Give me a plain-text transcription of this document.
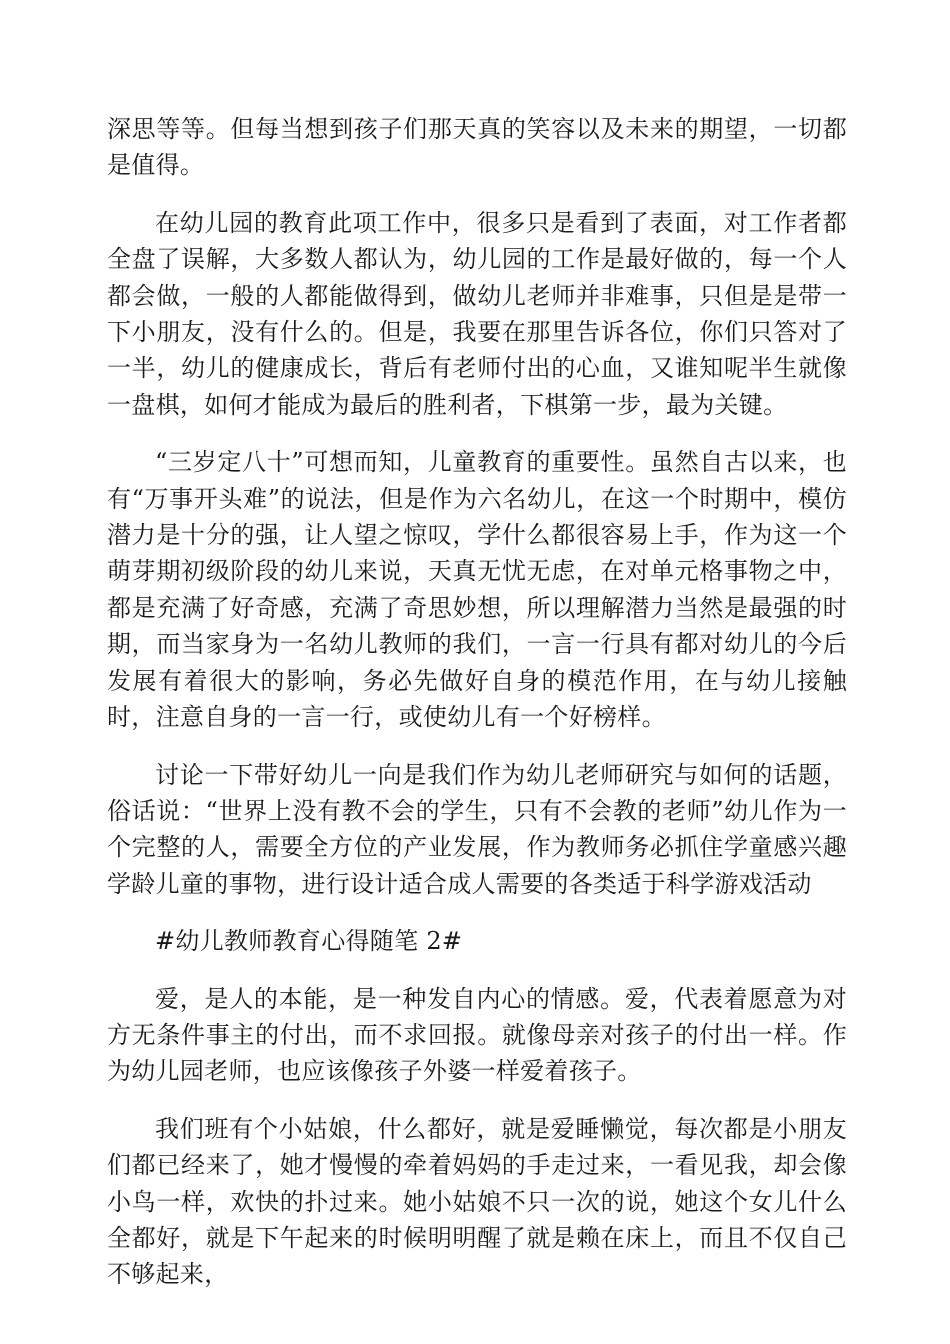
深思等等。但每当想到孩子们那天真的笑容以及未来的期望，一切都是值得。

在幼儿园的教育此项工作中，很多只是看到了表面，对工作者都全盘了误解，大多数人都认为，幼儿园的工作是最好做的，每一个人都会做，一般的人都能做得到，做幼儿老师并非难事，只但是是带一下小朋友，没有什么的。但是，我要在那里告诉各位，你们只答对了一半，幼儿的健康成长，背后有老师付出的心血，又谁知呢半生就像一盘棋，如何才能成为最后的胜利者，下棋第一步，最为关键。

“三岁定八十”可想而知，儿童教育的重要性。虽然自古以来，也有“万事开头难”的说法，但是作为六名幼儿，在这一个时期中，模仿潜力是十分的强，让人望之惊叹，学什么都很容易上手，作为这一个萌芽期初级阶段的幼儿来说，天真无忧无虑，在对单元格事物之中，都是充满了好奇感，充满了奇思妙想，所以理解潜力当然是最强的时期，而当家身为一名幼儿教师的我们，一言一行具有都对幼儿的今后发展有着很大的影响，务必先做好自身的模范作用，在与幼儿接触时，注意自身的一言一行，或使幼儿有一个好榜样。

讨论一下带好幼儿一向是我们作为幼儿老师研究与如何的话题，俗话说：“世界上没有教不会的学生，只有不会教的老师”幼儿作为一个完整的人，需要全方位的产业发展，作为教师务必抓住学童感兴趣学龄儿童的事物，进行设计适合成人需要的各类适于科学游戏活动

#幼儿教师教育心得随笔 2#

爱，是人的本能，是一种发自内心的情感。爱，代表着愿意为对方无条件事主的付出，而不求回报。就像母亲对孩子的付出一样。作为幼儿园老师，也应该像孩子外婆一样爱着孩子。

我们班有个小姑娘，什么都好，就是爱睡懒觉，每次都是小朋友们都已经来了，她才慢慢的牵着妈妈的手走过来，一看见我，却会像小鸟一样，欢快的扑过来。她小姑娘不只一次的说，她这个女儿什么全都好，就是下午起来的时候明明醒了就是赖在床上，而且不仅自己不够起来，
